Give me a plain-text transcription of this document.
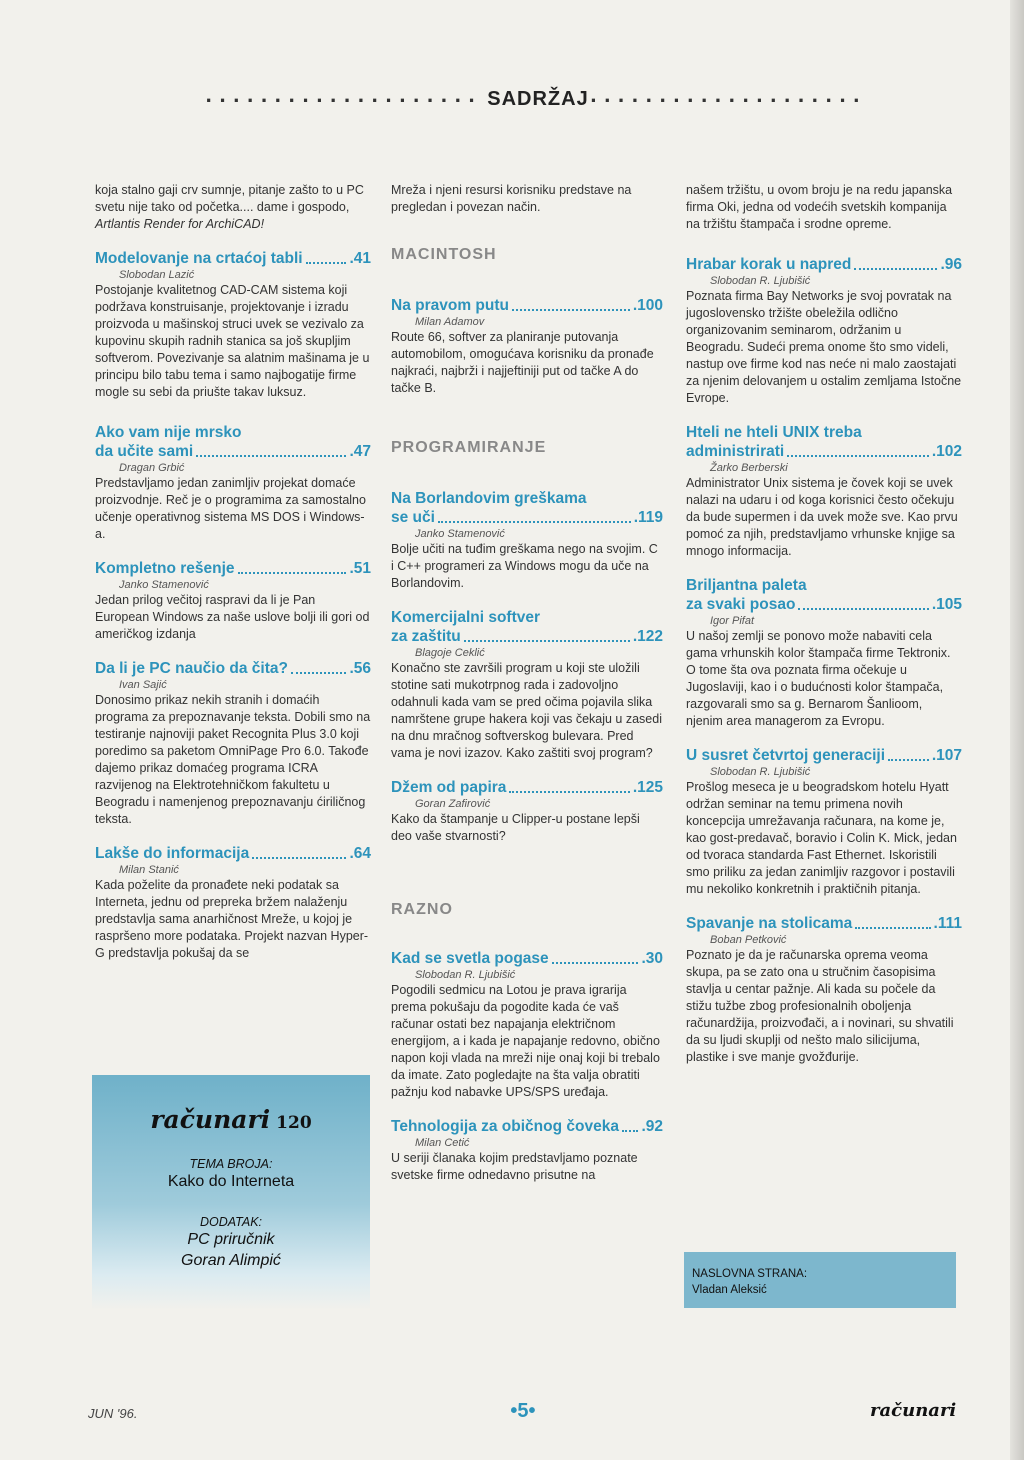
.................... SADRŽAJ ....................

koja stalno gaji crv sumnje, pitanje zašto to u PC svetu nije tako od početka.... dame i gospodo, Artlantis Render for ArchiCAD!

Modelovanje na crtaćoj tabli	.41
Slobodan Lazić

Postojanje kvalitetnog CAD-CAM sistema koji podržava konstruisanje, projektovanje i izradu proizvoda u mašinskoj struci uvek se vezivalo za kupovinu skupih radnih stanica sa još skupljim softverom. Povezivanje sa alatnim mašinama je u principu bilo tabu tema i samo najbogatije firme mogle su sebi da priušte takav luksuz.

Ako vam nije mrsko
da učite sami	.47
Dragan Grbić

Predstavljamo jedan zanimljiv projekat domaće proizvodnje. Reč je o programima za samostalno učenje operativnog sistema MS DOS i Windows-a.

Kompletno rešenje	.51
Janko Stamenović

Jedan prilog večitoj raspravi da li je Pan European Windows za naše uslove bolji ili gori od američkog izdanja

Da li je PC naučio da čita?	.56
Ivan Sajić

Donosimo prikaz nekih stranih i domaćih programa za prepoznavanje teksta. Dobili smo na testiranje najnoviji paket Recognita Plus 3.0 koji poredimo sa paketom OmniPage Pro 6.0. Takođe dajemo prikaz domaćeg programa ICRA razvijenog na Elektrotehničkom fakultetu u Beogradu i namenjenog prepoznavanju ćiriličnog teksta.

Lakše do informacija	.64
Milan Stanić

Kada poželite da pronađete neki podatak sa Interneta, jednu od prepreka bržem nalaženju predstavlja sama anarhičnost Mreže, u kojoj je raspršeno more podataka. Projekt nazvan Hyper-G predstavlja pokušaj da se

računari 120
TEMA BROJA:
Kako do Interneta
DODATAK:
PC priručnik
Goran Alimpić

Mreža i njeni resursi korisniku predstave na pregledan i povezan način.

MACINTOSH
Na pravom putu	.100
Milan Adamov

Route 66, softver za planiranje putovanja automobilom, omogućava korisniku da pronađe najkraći, najbrži i najjeftiniji put od tačke A do tačke B.

PROGRAMIRANJE
Na Borlandovim greškama
se uči	.119
Janko Stamenović

Bolje učiti na tuđim greškama nego na svojim. C i C++ programeri za Windows mogu da uče na Borlandovim.

Komercijalni softver
za zaštitu	.122
Blagoje Ceklić

Konačno ste završili program u koji ste uložili stotine sati mukotrpnog rada i zadovoljno odahnuli kada vam se pred očima pojavila slika namrštene grupe hakera koji vas čekaju u zasedi na dnu mračnog softverskog bulevara. Pred vama je novi izazov. Kako zaštiti svoj program?

Džem od papira	.125
Goran Zafirović

Kako da štampanje u Clipper-u postane lepši deo vaše stvarnosti?

RAZNO
Kad se svetla pogase	.30
Slobodan R. Ljubišić

Pogodili sedmicu na Lotou je prava igrarija prema pokušaju da pogodite kada će vaš računar ostati bez napajanja električnom energijom, a i kada je napajanje redovno, obično napon koji vlada na mreži nije onaj koji bi trebalo da imate. Zato pogledajte na šta valja obratiti pažnju kod nabavke UPS/SPS uređaja.

Tehnologija za običnog čoveka .92
Milan Cetić

U seriji članaka kojim predstavljamo poznate svetske firme odnedavno prisutne na

našem tržištu, u ovom broju je na redu japanska firma Oki, jedna od vodećih svetskih kompanija na tržištu štampača i srodne opreme.

Hrabar korak u napred	.96
Slobodan R. Ljubišić

Poznata firma Bay Networks je svoj povratak na jugoslovensko tržište obeležila odlično organizovanim seminarom, održanim u Beogradu. Sudeći prema onome što smo videli, nastup ove firme kod nas neće ni malo zaostajati za njenim delovanjem u ostalim zemljama Istočne Evrope.

Hteli ne hteli UNIX treba
administrirati	.102
Žarko Berberski

Administrator Unix sistema je čovek koji se uvek nalazi na udaru i od koga korisnici često očekuju da bude supermen i da uvek može sve. Kao prvu pomoć za njih, predstavljamo vrhunske knjige sa mnogo informacija.

Briljantna paleta
za svaki posao	.105
Igor Pifat

U našoj zemlji se ponovo može nabaviti cela gama vrhunskih kolor štampača firme Tektronix. O tome šta ova poznata firma očekuje u Jugoslaviji, kao i o budućnosti kolor štampača, razgovarali smo sa g. Bernarom Šanlioom, njenim area managerom za Evropu.

U susret četvrtoj generaciji	.107
Slobodan R. Ljubišić

Prošlog meseca je u beogradskom hotelu Hyatt održan seminar na temu primena novih koncepcija umrežavanja računara, na kome je, kao gost-predavač, boravio i Colin K. Mick, jedan od tvoraca standarda Fast Ethernet. Iskoristili smo priliku za jedan zanimljiv razgovor i postavili mu nekoliko konkretnih i praktičnih pitanja.

Spavanje na stolicama	.111
Boban Petković

Poznato je da je računarska oprema veoma skupa, pa se zato ona u stručnim časopisima stavlja u centar pažnje. Ali kada su počele da stižu tužbe zbog profesionalnih obolјenja računardžija, proizvođači, a i novinari, su shvatili da su ljudi skuplji od nešto malo silicijuma, plastike i sve manje gvožđurije.

NASLOVNA STRANA:
Vladan Aleksić
JUN '96.	•5•	računari
